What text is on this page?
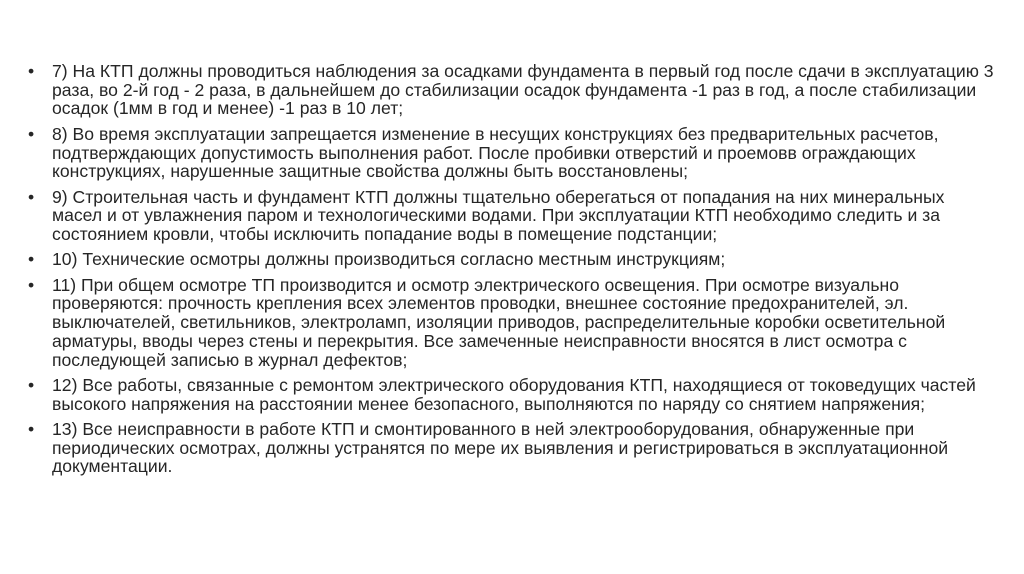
• 7) На КТП должны проводиться наблюдения за осадками фундамента в первый год после сдачи в эксплуатацию 3 раза, во 2-й год - 2 раза, в дальнейшем до стабилизации осадок фундамента -1 раз в год, а после стабилизации осадок (1мм в год и менее) -1 раз в 10 лет;
• 8) Во время эксплуатации запрещается изменение в несущих конструкциях без предварительных расчетов, подтверждающих допустимость выполнения работ. После пробивки отверстий и проемовв ограждающих конструкциях, нарушенные защитные свойства должны быть восстановлены;
• 9) Строительная часть и фундамент КТП должны тщательно оберегаться от попадания на них минеральных масел и от увлажнения паром и технологическими водами. При эксплуатации КТП необходимо следить и за состоянием кровли, чтобы исключить попадание воды в помещение подстанции;
• 10) Технические осмотры должны производиться согласно местным инструкциям;
• 11) При общем осмотре ТП производится и осмотр электрического освещения. При осмотре визуально проверяются: прочность крепления всех элементов проводки, внешнее состояние предохранителей, эл. выключателей, светильников, электроламп, изоляции приводов, распределительные коробки осветительной арматуры, вводы через стены и перекрытия. Все замеченные неисправности вносятся в лист осмотра с последующей записью в журнал дефектов;
• 12) Все работы, связанные с ремонтом электрического оборудования КТП, находящиеся от токоведущих частей высокого напряжения на расстоянии менее безопасного, выполняются по наряду со снятием напряжения;
• 13) Все неисправности в работе КТП и смонтированного в ней электрооборудования, обнаруженные при периодических осмотрах, должны устранятся по мере их выявления и регистрироваться в эксплуатационной документации.
